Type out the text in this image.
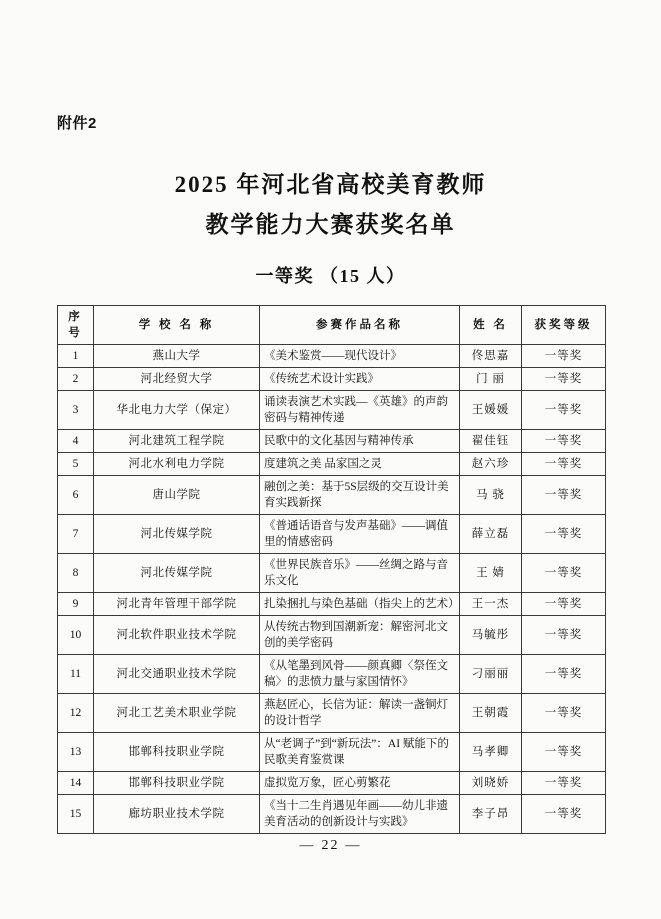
附件2
2025 年河北省高校美育教师
教学能力大赛获奖名单
一等奖 （15 人）
序号	学 校 名 称	参赛作品名称	姓 名	获奖等级
1	燕山大学	《美术鉴赏——现代设计》	佟思嘉	一等奖
2	河北经贸大学	《传统艺术设计实践》	门 丽	一等奖
3	华北电力大学（保定）	诵读表演艺术实践—《英雄》的声韵密码与精神传递	王媛媛	一等奖
4	河北建筑工程学院	民歌中的文化基因与精神传承	翟佳钰	一等奖
5	河北水利电力学院	度建筑之美 品家国之灵	赵六珍	一等奖
6	唐山学院	融创之美：基于5S层级的交互设计美育实践新探	马 骁	一等奖
7	河北传媒学院	《普通话语音与发声基础》——调值里的情感密码	薛立磊	一等奖
8	河北传媒学院	《世界民族音乐》——丝绸之路与音乐文化	王 婧	一等奖
9	河北青年管理干部学院	扎染捆扎与染色基础（指尖上的艺术）	王一杰	一等奖
10	河北软件职业技术学院	从传统古物到国潮新宠：解密河北文创的美学密码	马毓彤	一等奖
11	河北交通职业技术学院	《从笔墨到风骨——颜真卿〈祭侄文稿〉的悲愤力量与家国情怀》	刁丽丽	一等奖
12	河北工艺美术职业学院	燕赵匠心，长信为证：解读一盏铜灯的设计哲学	王朝霞	一等奖
13	邯郸科技职业学院	从“老调子”到“新玩法”：AI 赋能下的民歌美育鉴赏课	马孝卿	一等奖
14	邯郸科技职业学院	虚拟览万象，匠心剪繁花	刘晓娇	一等奖
15	廊坊职业技术学院	《当十二生肖遇见年画——幼儿非遗美育活动的创新设计与实践》	李子昂	一等奖
— 22 —
